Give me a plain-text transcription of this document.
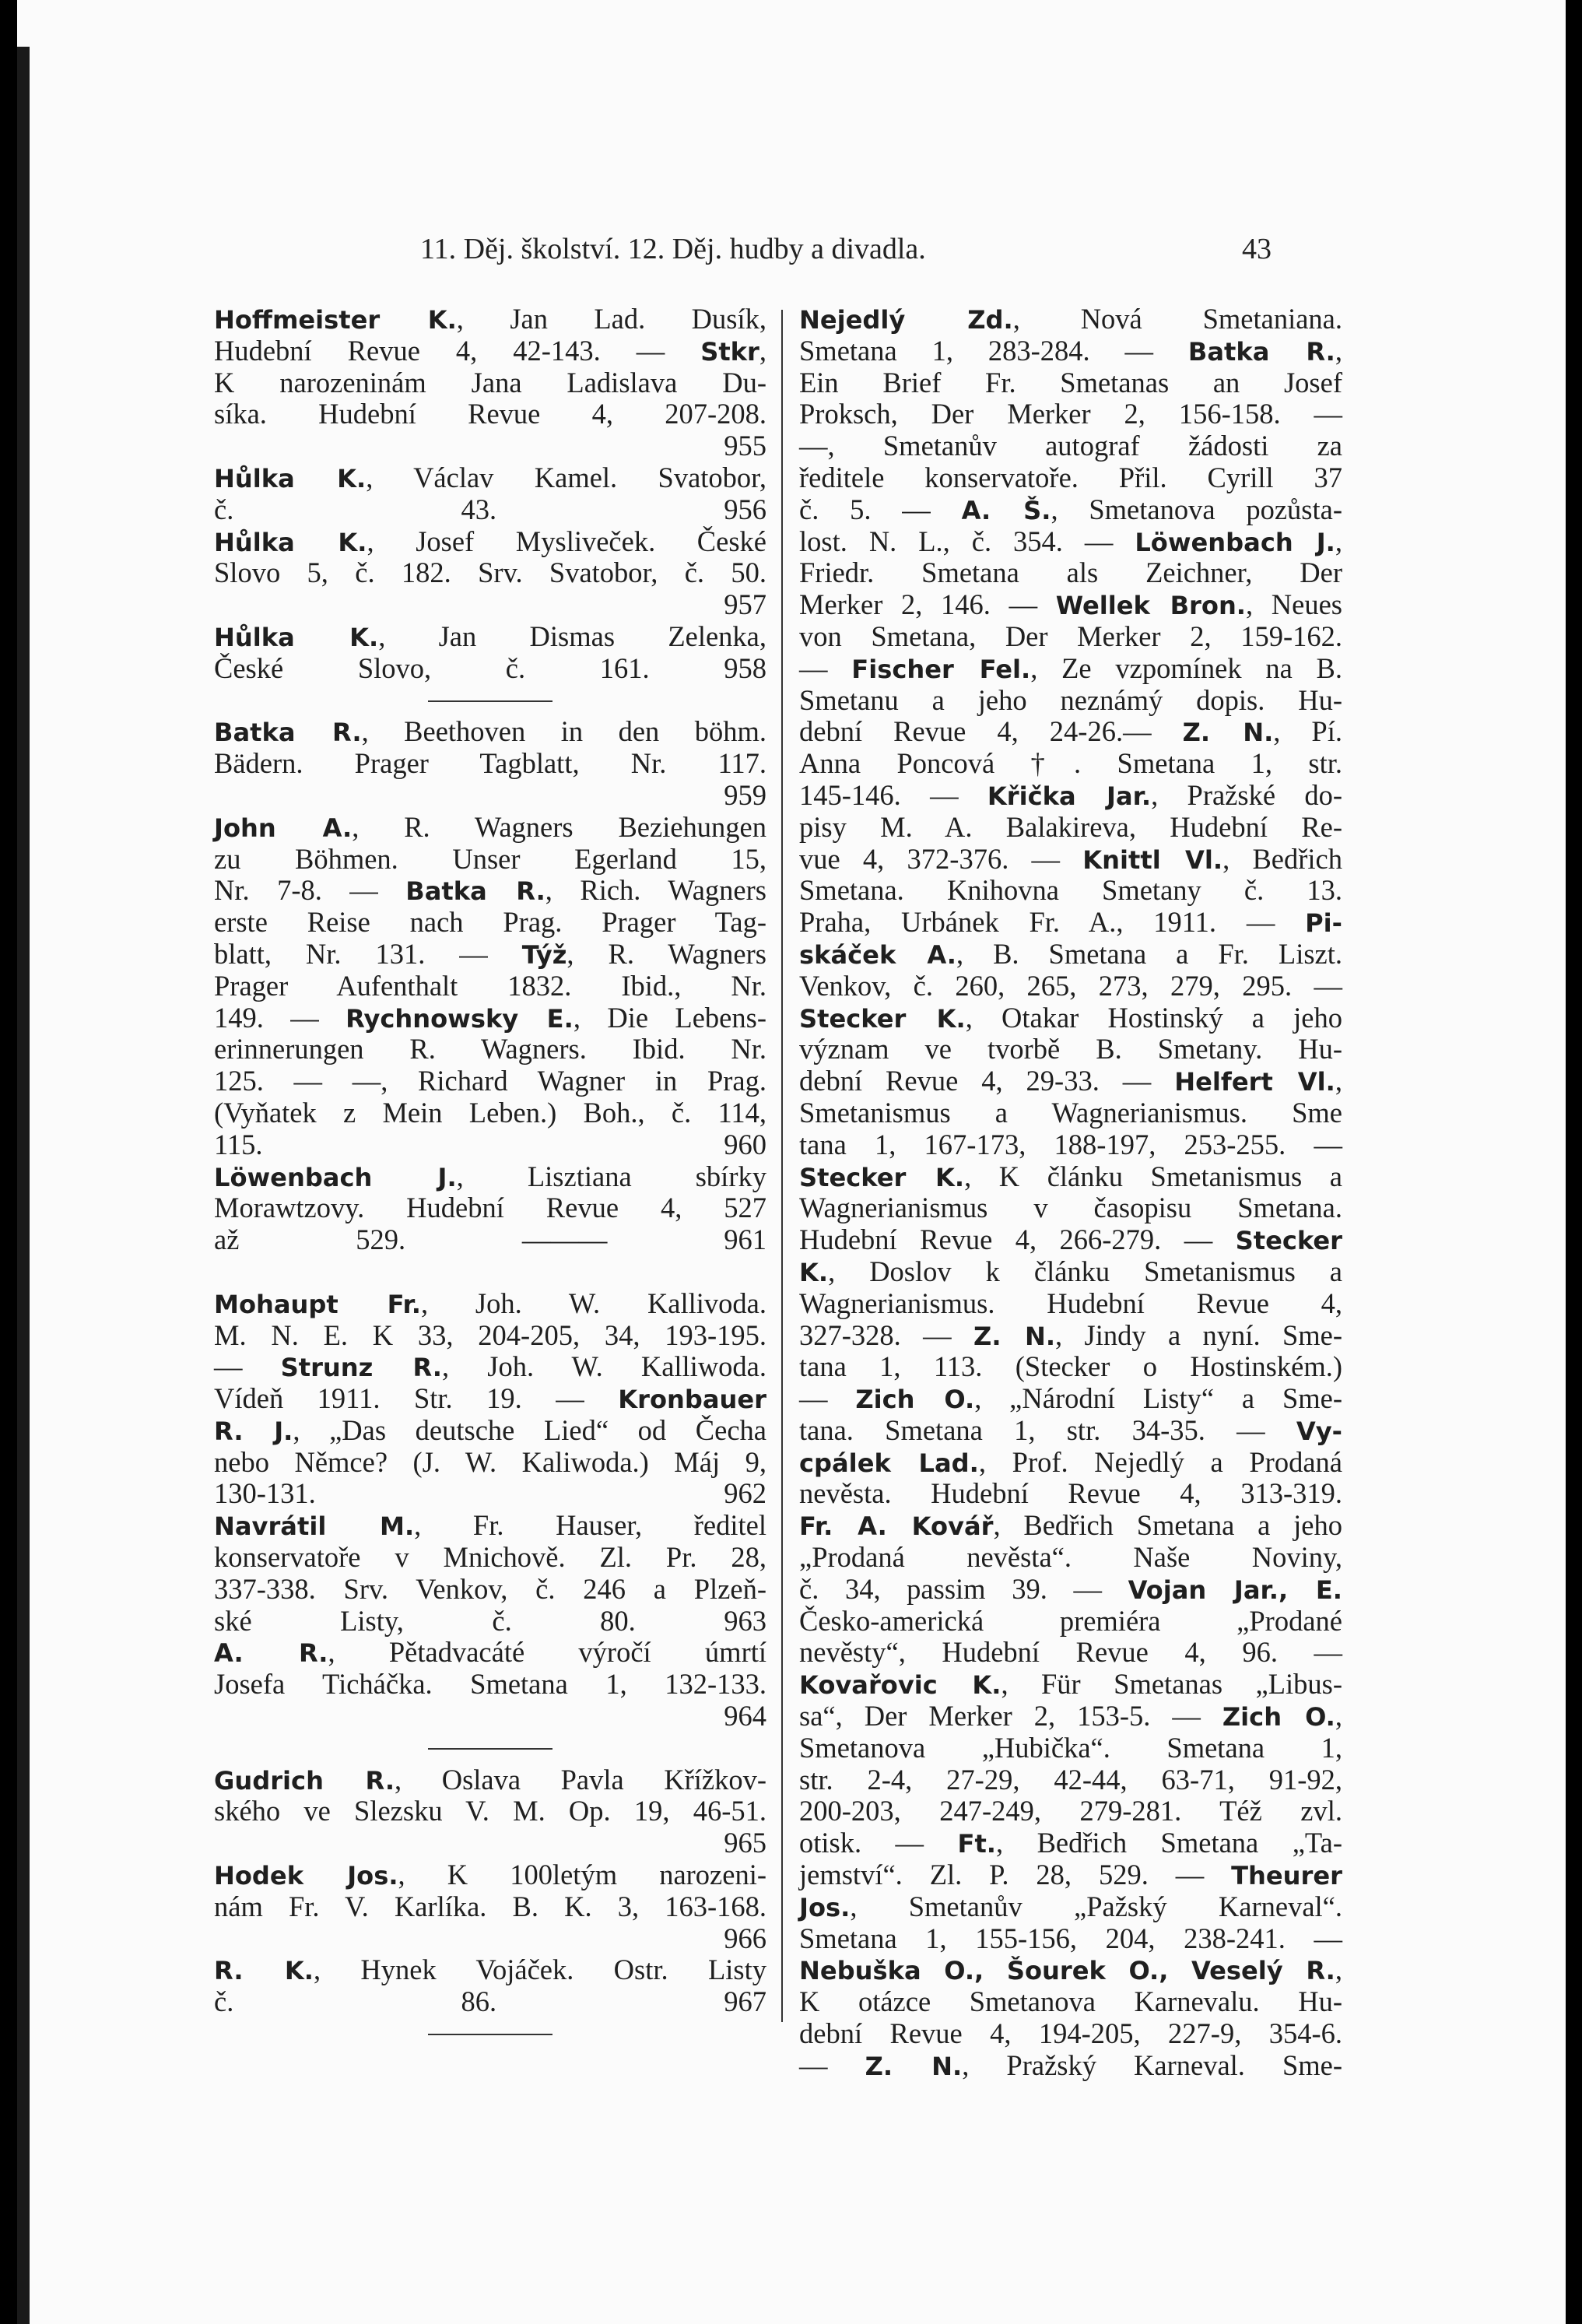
11. Děj. školství. 12. Děj. hudby a divadla.	43
Hoffmeister K., Jan Lad. Dusík,
Hudební Revue 4, 42-143. — Stkr,
K narozeninám Jana Ladislava Du-
síka. Hudební Revue 4, 207-208.
955
Hůlka K., Václav Kamel. Svatobor,
č. 43. 956
Hůlka K., Josef Mysliveček. České
Slovo 5, č. 182. Srv. Svatobor, č. 50.
957
Hůlka K., Jan Dismas Zelenka,
České Slovo, č. 161. 958
Batka R., Beethoven in den böhm.
Bädern. Prager Tagblatt, Nr. 117.
959
John A., R. Wagners Beziehungen
zu Böhmen. Unser Egerland 15,
Nr. 7-8. — Batka R., Rich. Wagners
erste Reise nach Prag. Prager Tag-
blatt, Nr. 131. — Týž, R. Wagners
Prager Aufenthalt 1832. Ibid., Nr.
149. — Rychnowsky E., Die Lebens-
erinnerungen R. Wagners. Ibid. Nr.
125. — —, Richard Wagner in Prag.
(Vyňatek z Mein Leben.) Boh., č. 114,
115. 960
Löwenbach J., Lisztiana sbírky
Morawtzovy. Hudební Revue 4, 527
až 529. ——— 961
Mohaupt Fr., Joh. W. Kallivoda.
M. N. E. K 33, 204-205, 34, 193-195.
— Strunz R., Joh. W. Kalliwoda.
Vídeň 1911. Str. 19. — Kronbauer
R. J., „Das deutsche Lied“ od Čecha
nebo Němce? (J. W. Kaliwoda.) Máj 9,
130-131. 962
Navrátil M., Fr. Hauser, ředitel
konservatoře v Mnichově. Zl. Pr. 28,
337-338. Srv. Venkov, č. 246 a Plzeň-
ské Listy, č. 80. 963
A. R., Pětadvacáté výročí úmrtí
Josefa Ticháčka. Smetana 1, 132-133.
964
Gudrich R., Oslava Pavla Křížkov-
ského ve Slezsku V. M. Op. 19, 46-51.
965
Hodek Jos., K 100letým narozeni-
nám Fr. V. Karlíka. B. K. 3, 163-168.
966
R. K., Hynek Vojáček. Ostr. Listy
č. 86. 967
Nejedlý Zd., Nová Smetaniana.
Smetana 1, 283-284. — Batka R.,
Ein Brief Fr. Smetanas an Josef
Proksch, Der Merker 2, 156-158. —
—, Smetanův autograf žádosti za
ředitele konservatoře. Přil. Cyrill 37
č. 5. — A. Š., Smetanova pozůsta-
lost. N. L., č. 354. — Löwenbach J.,
Friedr. Smetana als Zeichner, Der
Merker 2, 146. — Wellek Bron., Neues
von Smetana, Der Merker 2, 159-162.
— Fischer Fel., Ze vzpomínek na B.
Smetanu a jeho neznámý dopis. Hu-
dební Revue 4, 24-26.— Z. N., Pí.
Anna Poncová †. Smetana 1, str.
145-146. — Křička Jar., Pražské do-
pisy M. A. Balakireva, Hudební Re-
vue 4, 372-376. — Knittl Vl., Bedřich
Smetana. Knihovna Smetany č. 13.
Praha, Urbánek Fr. A., 1911. — Pi-
skáček A., B. Smetana a Fr. Liszt.
Venkov, č. 260, 265, 273, 279, 295. —
Stecker K., Otakar Hostinský a jeho
význam ve tvorbě B. Smetany. Hu-
dební Revue 4, 29-33. — Helfert Vl.,
Smetanismus a Wagnerianismus. Sme
tana 1, 167-173, 188-197, 253-255. —
Stecker K., K článku Smetanismus a
Wagnerianismus v časopisu Smetana.
Hudební Revue 4, 266-279. — Stecker
K., Doslov k článku Smetanismus a
Wagnerianismus. Hudební Revue 4,
327-328. — Z. N., Jindy a nyní. Sme-
tana 1, 113. (Stecker o Hostinském.)
— Zich O., „Národní Listy“ a Sme-
tana. Smetana 1, str. 34-35. — Vy-
cpálek Lad., Prof. Nejedlý a Prodaná
nevěsta. Hudební Revue 4, 313-319.
Fr. A. Kovář, Bedřich Smetana a jeho
„Prodaná nevěsta“. Naše Noviny,
č. 34, passim 39. — Vojan Jar., E.
Česko-americká premiéra „Prodané
nevěsty“, Hudební Revue 4, 96. —
Kovařovic K., Für Smetanas „Libus-
sa“, Der Merker 2, 153-5. — Zich O.,
Smetanova „Hubička“. Smetana 1,
str. 2-4, 27-29, 42-44, 63-71, 91-92,
200-203, 247-249, 279-281. Též zvl.
otisk. — Ft., Bedřich Smetana „Ta-
jemství“. Zl. P. 28, 529. — Theurer
Jos., Smetanův „Pažský Karneval“.
Smetana 1, 155-156, 204, 238-241. —
Nebuška O., Šourek O., Veselý R.,
K otázce Smetanova Karnevalu. Hu-
dební Revue 4, 194-205, 227-9, 354-6.
— Z. N., Pražský Karneval. Sme-
